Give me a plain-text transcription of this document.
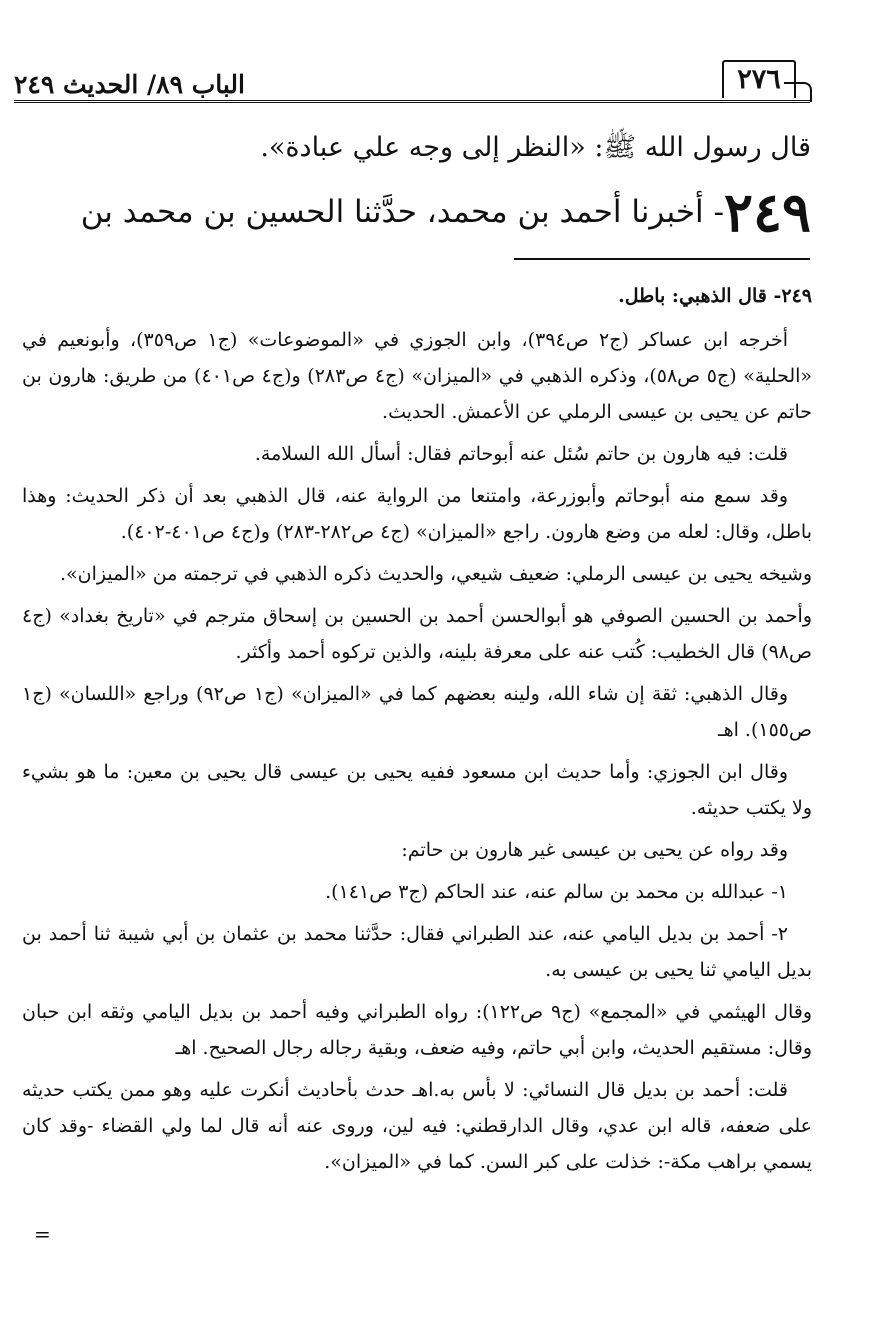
الباب ٨٩/ الحديث ٢٤٩	٢٧٦
قال رسول الله ﷺ: «النظر إلى وجه علي عبادة».
٢٤٩- أخبرنا أحمد بن محمد، حدَّثنا الحسين بن محمد بن

٢٤٩- قال الذهبي: باطل.

أخرجه ابن عساكر (ج٢ ص٣٩٤)، وابن الجوزي في «الموضوعات» (ج١ ص٣٥٩)، وأبونعيم في «الحلية» (ج٥ ص٥٨)، وذكره الذهبي في «الميزان» (ج٤ ص٢٨٣) و(ج٤ ص٤٠١) من طريق: هارون بن حاتم عن يحيى بن عيسى الرملي عن الأعمش. الحديث.

قلت: فيه هارون بن حاتم سُئل عنه أبوحاتم فقال: أسأل الله السلامة.

وقد سمع منه أبوحاتم وأبوزرعة، وامتنعا من الرواية عنه، قال الذهبي بعد أن ذكر الحديث: وهذا باطل، وقال: لعله من وضع هارون. راجع «الميزان» (ج٤ ص٢٨٢-٢٨٣) و(ج٤ ص٤٠١-٤٠٢).

وشيخه يحيى بن عيسى الرملي: ضعيف شيعي، والحديث ذكره الذهبي في ترجمته من «الميزان».

وأحمد بن الحسين الصوفي هو أبوالحسن أحمد بن الحسين بن إسحاق مترجم في «تاريخ بغداد» (ج٤ ص٩٨) قال الخطيب: كُتب عنه على معرفة بلينه، والذين تركوه أحمد وأكثر.

وقال الذهبي: ثقة إن شاء الله، ولينه بعضهم كما في «الميزان» (ج١ ص٩٢) وراجع «اللسان» (ج١ ص١٥٥). اهـ

وقال ابن الجوزي: وأما حديث ابن مسعود ففيه يحيى بن عيسى قال يحيى بن معين: ما هو بشيء ولا يكتب حديثه.

وقد رواه عن يحيى بن عيسى غير هارون بن حاتم:

١- عبدالله بن محمد بن سالم عنه، عند الحاكم (ج٣ ص١٤١).

٢- أحمد بن بديل اليامي عنه، عند الطبراني فقال: حدَّثنا محمد بن عثمان بن أبي شيبة ثنا أحمد بن بديل اليامي ثنا يحيى بن عيسى به.

وقال الهيثمي في «المجمع» (ج٩ ص١٢٢): رواه الطبراني وفيه أحمد بن بديل اليامي وثقه ابن حبان وقال: مستقيم الحديث، وابن أبي حاتم، وفيه ضعف، وبقية رجاله رجال الصحيح. اهـ

قلت: أحمد بن بديل قال النسائي: لا بأس به.اهـ حدث بأحاديث أنكرت عليه وهو ممن يكتب حديثه على ضعفه، قاله ابن عدي، وقال الدارقطني: فيه لين، وروى عنه أنه قال لما ولي القضاء -وقد كان يسمي براهب مكة-: خذلت على كبر السن. كما في «الميزان».

=
